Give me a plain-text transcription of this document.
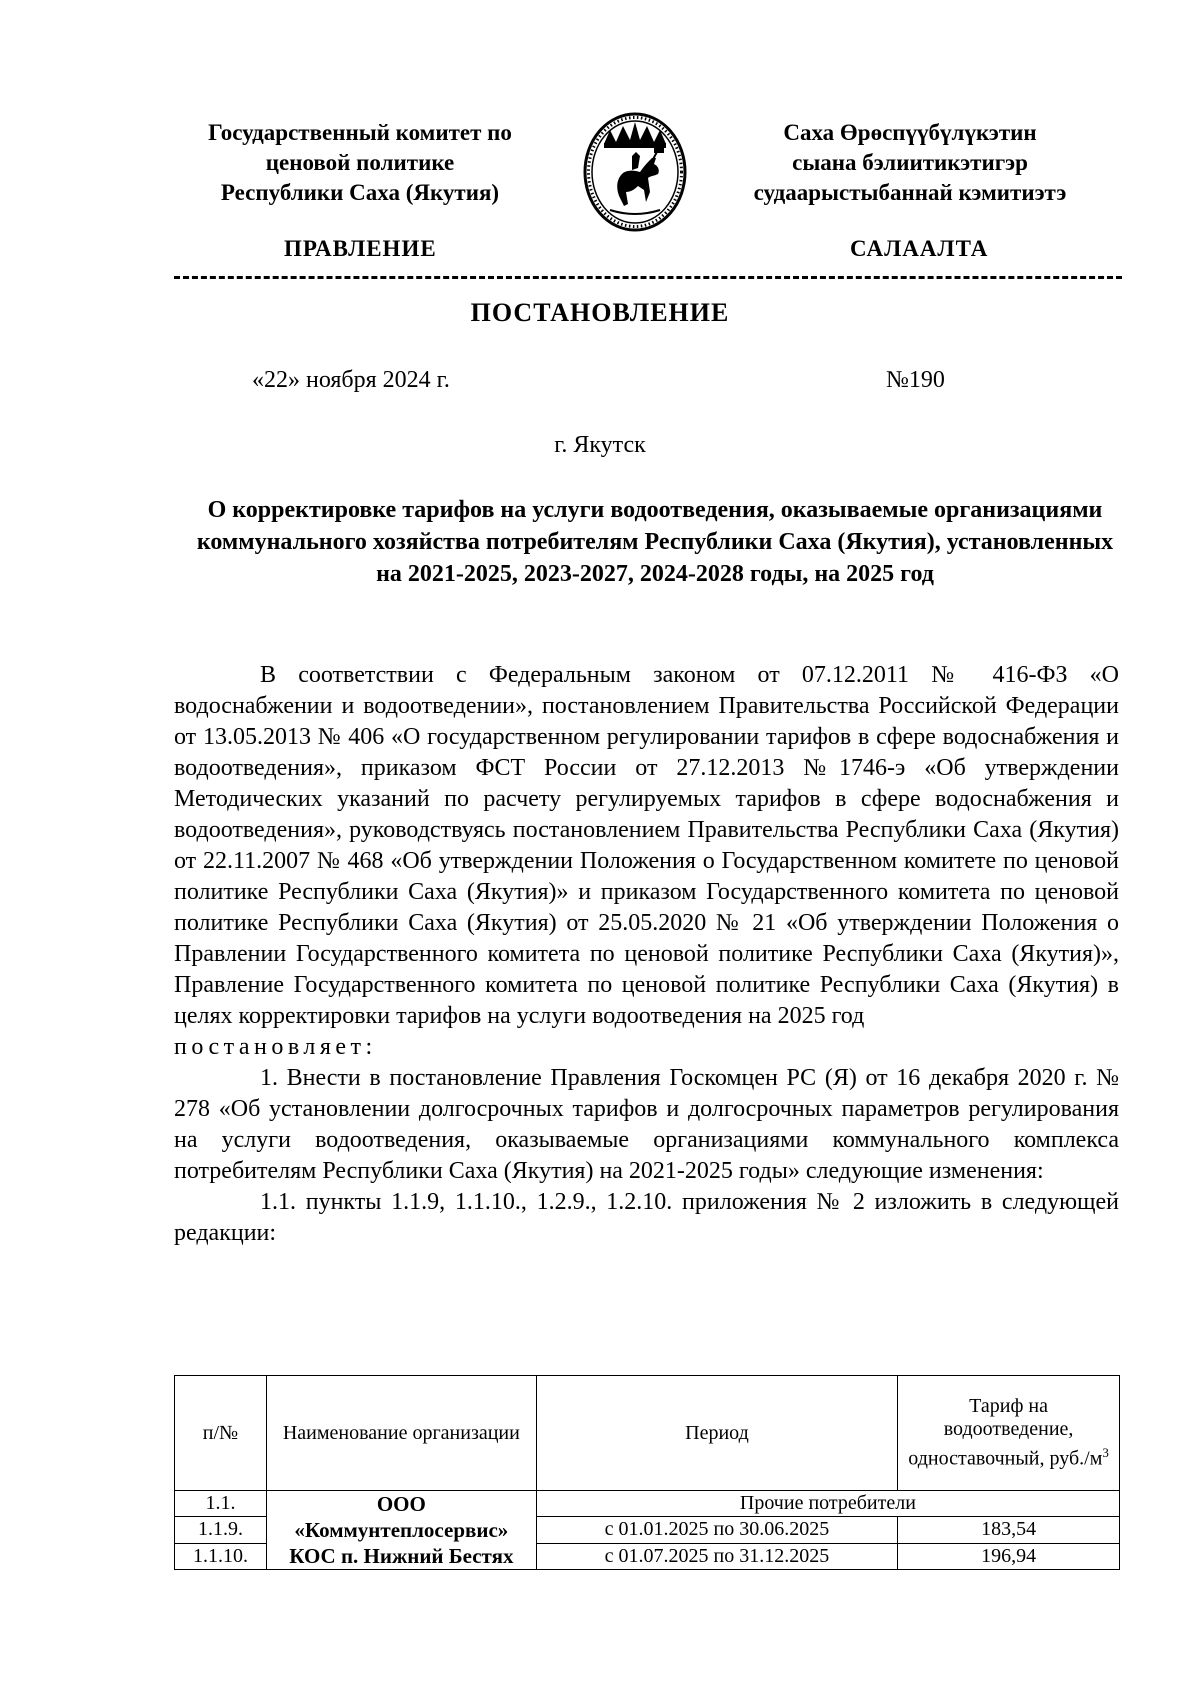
Государственный комитет по
ценовой политике
Республики Саха (Якутия)
Саха Өрөспүүбүлүкэтин
сыана бэлиитикэтигэр
судаарыстыбаннай кэмитиэтэ
ПРАВЛЕНИЕ	САЛААЛТА
ПОСТАНОВЛЕНИЕ
«22» ноября 2024 г.	№190
г. Якутск
О корректировке тарифов на услуги водоотведения, оказываемые организациями коммунального хозяйства потребителям Республики Саха (Якутия), установленных на 2021-2025, 2023-2027, 2024-2028 годы, на 2025 год

В соответствии с Федеральным законом от 07.12.2011 № 416-ФЗ «О водоснабжении и водоотведении», постановлением Правительства Российской Федерации от 13.05.2013 № 406 «О государственном регулировании тарифов в сфере водоснабжения и водоотведения», приказом ФСТ России от 27.12.2013 №1746-э «Об утверждении Методических указаний по расчету регулируемых тарифов в сфере водоснабжения и водоотведения», руководствуясь постановлением Правительства Республики Саха (Якутия) от 22.11.2007 № 468 «Об утверждении Положения о Государственном комитете по ценовой политике Республики Саха (Якутия)» и приказом Государственного комитета по ценовой политике Республики Саха (Якутия) от 25.05.2020 № 21 «Об утверждении Положения о Правлении Государственного комитета по ценовой политике Республики Саха (Якутия)», Правление Государственного комитета по ценовой политике Республики Саха (Якутия) в целях корректировки тарифов на услуги водоотведения на 2025 год

постановляет:

1. Внести в постановление Правления Госкомцен РС (Я) от 16 декабря 2020 г. № 278 «Об установлении долгосрочных тарифов и долгосрочных параметров регулирования на услуги водоотведения, оказываемые организациями коммунального комплекса потребителям Республики Саха (Якутия) на 2021-2025 годы» следующие изменения:

1.1. пункты 1.1.9, 1.1.10., 1.2.9., 1.2.10. приложения № 2 изложить в следующей редакции:

п/№	Наименование организации	Период	Тариф на водоотведение, одноставочный, $руб./м^3$
1.1.	ООО
«Коммунтеплосервис»
КОС п. Нижний Бестях	Прочие потребители	
1.1.9.		с 01.01.2025 по 30.06.2025	183,54
1.1.10.		с 01.07.2025 по 31.12.2025	196,94
